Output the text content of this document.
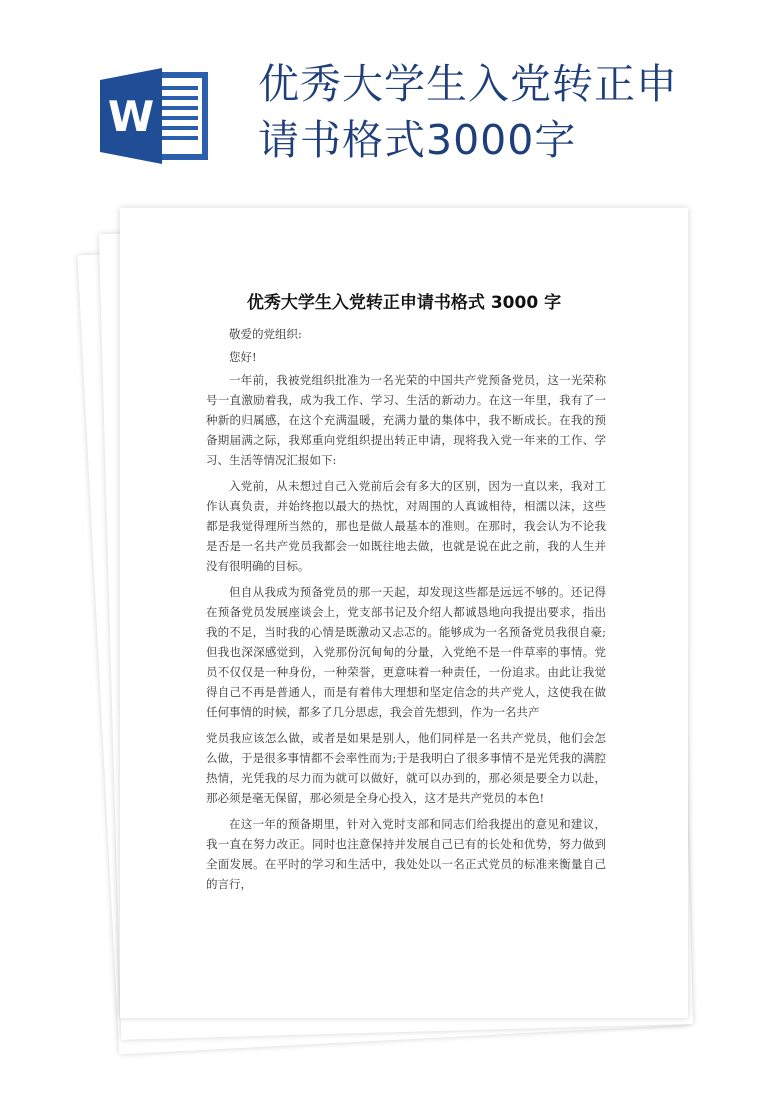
优秀大学生入党转正申请书格式 3000 字

敬爱的党组织:

您好!

一年前，我被党组织批准为一名光荣的中国共产党预备党员，这一光荣称号一直激励着我，成为我工作、学习、生活的新动力。在这一年里，我有了一种新的归属感，在这个充满温暖，充满力量的集体中，我不断成长。在我的预备期届满之际，我郑重向党组织提出转正申请，现将我入党一年来的工作、学习、生活等情况汇报如下:

入党前，从未想过自己入党前后会有多大的区别，因为一直以来，我对工作认真负责，并始终抱以最大的热忱，对周围的人真诚相待，相濡以沫，这些都是我觉得理所当然的，那也是做人最基本的准则。在那时，我会认为不论我是否是一名共产党员我都会一如既往地去做，也就是说在此之前，我的人生并没有很明确的目标。

但自从我成为预备党员的那一天起，却发现这些都是远远不够的。还记得在预备党员发展座谈会上，党支部书记及介绍人都诚恳地向我提出要求，指出我的不足，当时我的心情是既激动又忐忑的。能够成为一名预备党员我很自豪;但我也深深感觉到，入党那份沉甸甸的分量，入党绝不是一件草率的事情。党员不仅仅是一种身份，一种荣誉，更意味着一种责任，一份追求。由此让我觉得自己不再是普通人，而是有着伟大理想和坚定信念的共产党人，这使我在做任何事情的时候，都多了几分思虑，我会首先想到，作为一名共产

党员我应该怎么做，或者是如果是别人，他们同样是一名共产党员，他们会怎么做，于是很多事情都不会率性而为;于是我明白了很多事情不是光凭我的满腔热情，光凭我的尽力而为就可以做好，就可以办到的，那必须是要全力以赴，那必须是毫无保留，那必须是全身心投入，这才是共产党员的本色!

在这一年的预备期里，针对入党时支部和同志们给我提出的意见和建议，我一直在努力改正。同时也注意保持并发展自己已有的长处和优势，努力做到全面发展。在平时的学习和生活中，我处处以一名正式党员的标准来衡量自己的言行，

W
优秀大学生入党转正申请书格式3000字
